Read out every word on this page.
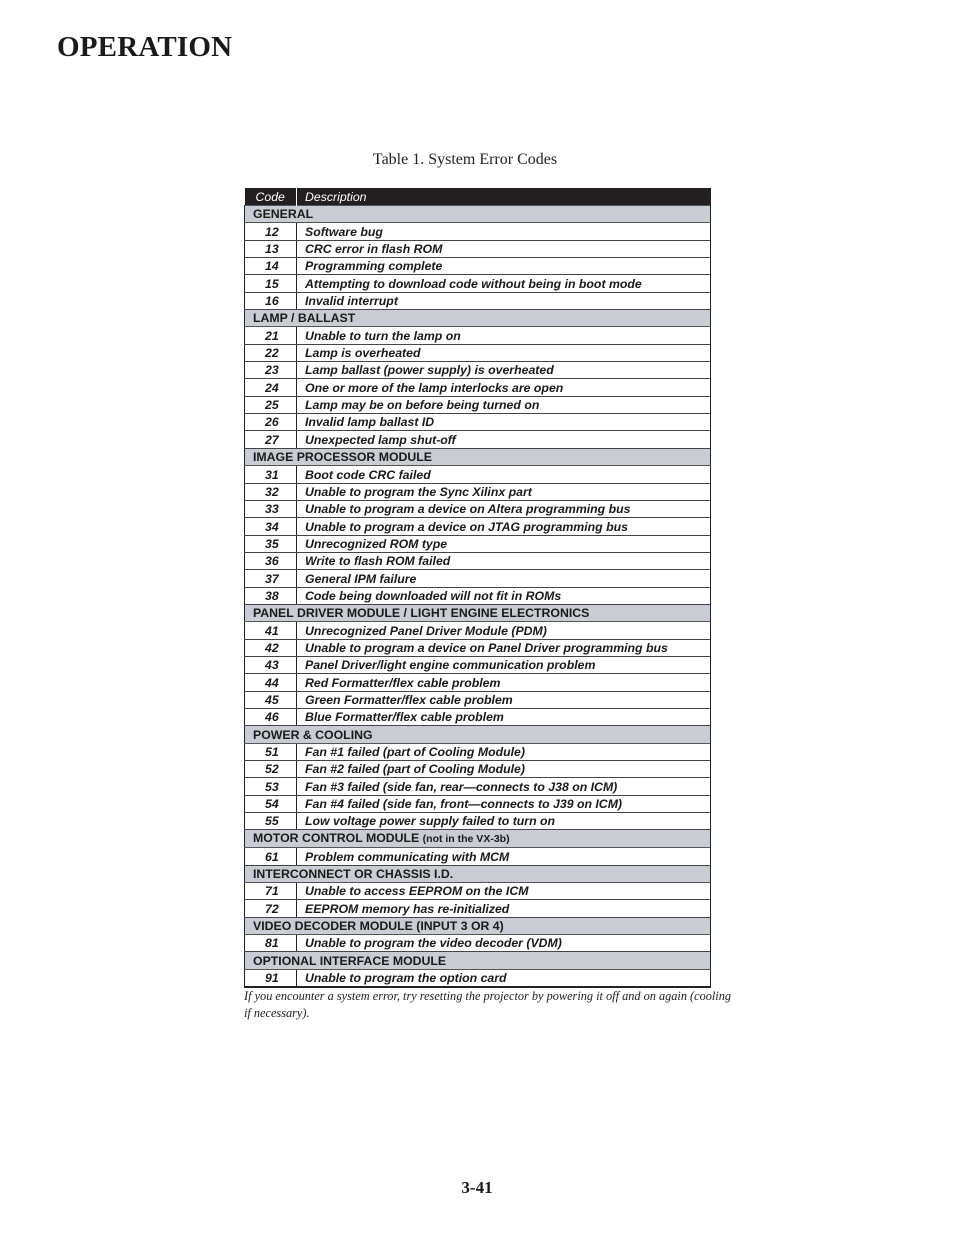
OPERATION
Table 1. System Error Codes
Code	Description
GENERAL	
12	Software bug
13	CRC error in flash ROM
14	Programming complete
15	Attempting to download code without being in boot mode
16	Invalid interrupt
LAMP / BALLAST	
21	Unable to turn the lamp on
22	Lamp is overheated
23	Lamp ballast (power supply) is overheated
24	One or more of the lamp interlocks are open
25	Lamp may be on before being turned on
26	Invalid lamp ballast ID
27	Unexpected lamp shut-off
IMAGE PROCESSOR MODULE	
31	Boot code CRC failed
32	Unable to program the Sync Xilinx part
33	Unable to program a device on Altera programming bus
34	Unable to program a device on JTAG programming bus
35	Unrecognized ROM type
36	Write to flash ROM failed
37	General IPM failure
38	Code being downloaded will not fit in ROMs
PANEL DRIVER MODULE / LIGHT ENGINE ELECTRONICS	
41	Unrecognized Panel Driver Module (PDM)
42	Unable to program a device on Panel Driver programming bus
43	Panel Driver/light engine communication problem
44	Red Formatter/flex cable problem
45	Green Formatter/flex cable problem
46	Blue Formatter/flex cable problem
POWER & COOLING	
51	Fan #1 failed (part of Cooling Module)
52	Fan #2 failed (part of Cooling Module)
53	Fan #3 failed (side fan, rear—connects to J38 on ICM)
54	Fan #4 failed (side fan, front—connects to J39 on ICM)
55	Low voltage power supply failed to turn on
MOTOR CONTROL MODULE (not in the VX-3b)	
61	Problem communicating with MCM
INTERCONNECT OR CHASSIS I.D.	
71	Unable to access EEPROM on the ICM
72	EEPROM memory has re-initialized
VIDEO DECODER MODULE (INPUT 3 OR 4)	
81	Unable to program the video decoder (VDM)
OPTIONAL INTERFACE MODULE	
91	Unable to program the option card

If you encounter a system error, try resetting the projector by powering it off and on again (cooling if necessary).

3-41
